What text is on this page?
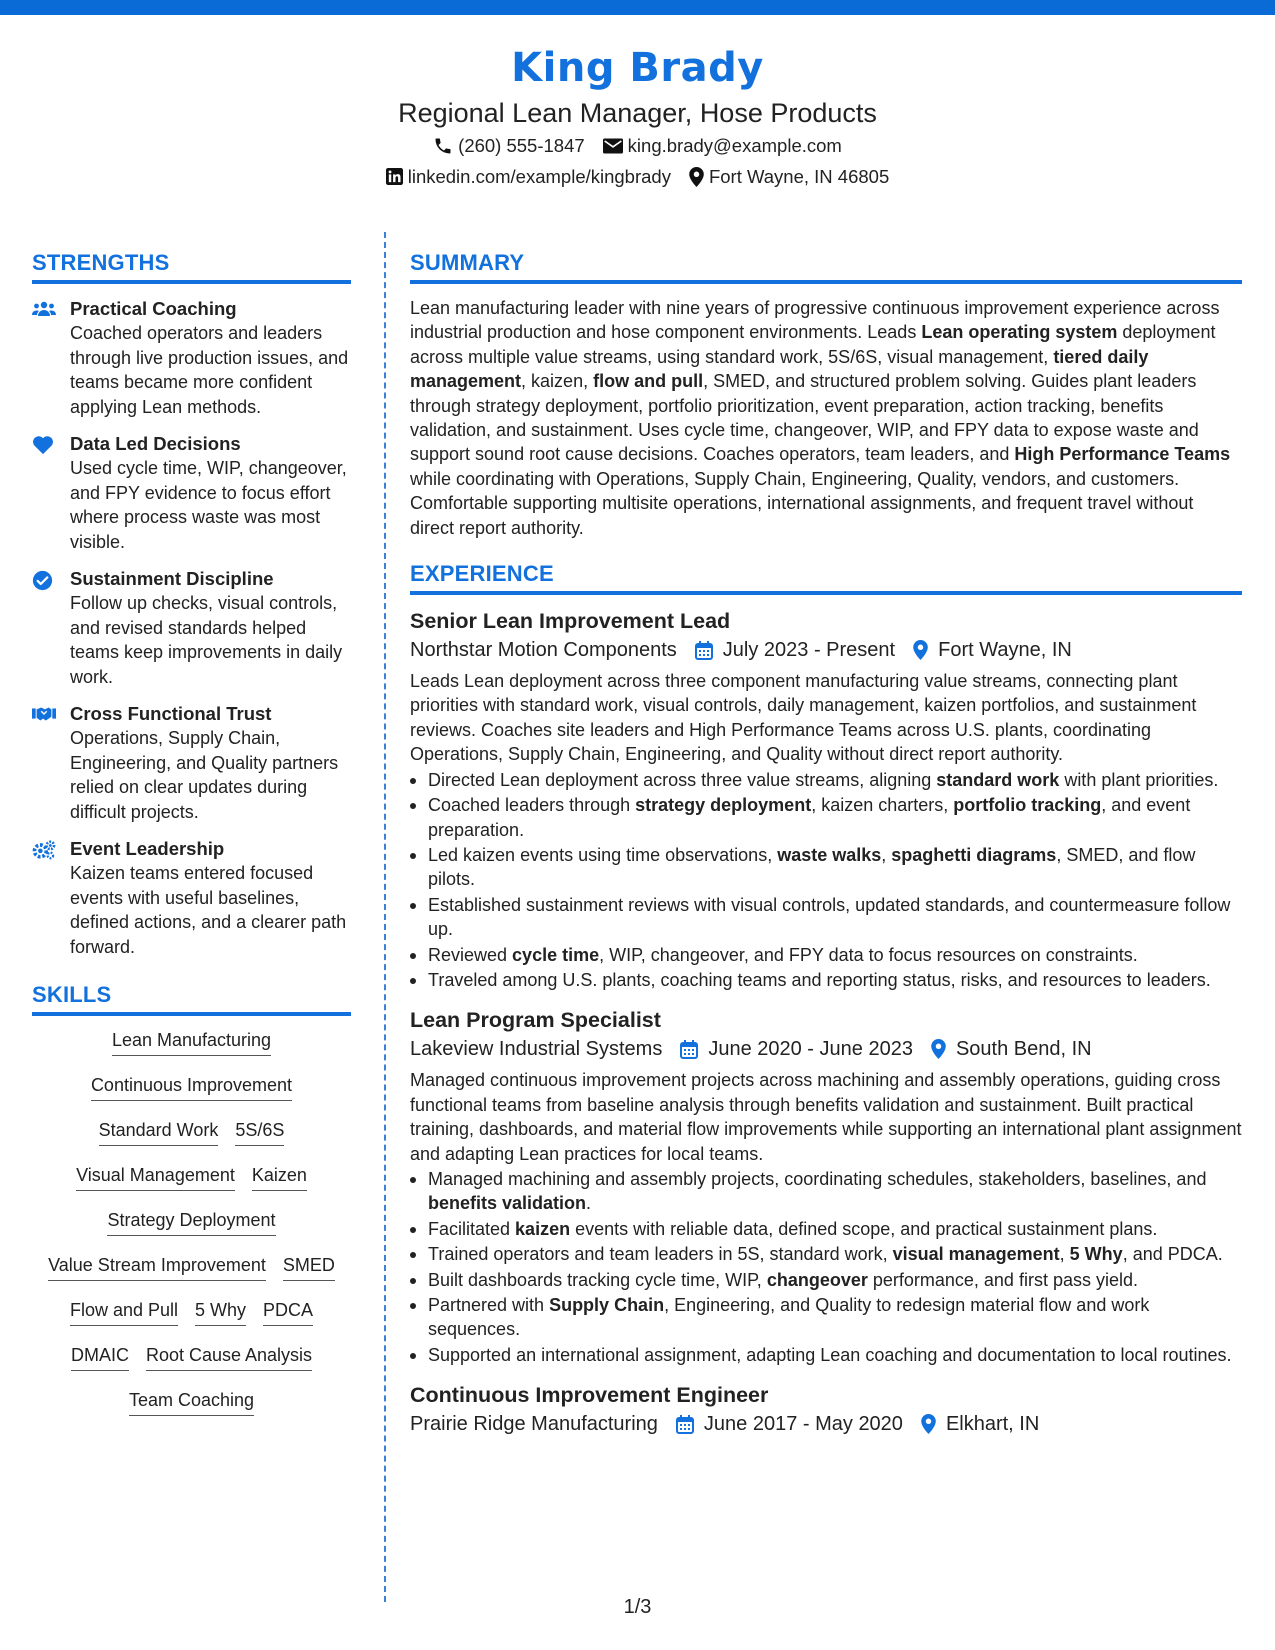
King Brady
Regional Lean Manager, Hose Products
(260) 555-1847 king.brady@example.com
linkedin.com/example/kingbrady Fort Wayne, IN 46805
STRENGTHS
Practical Coaching
Coached operators and leaders through live production issues, and teams became more confident applying Lean methods.
Data Led Decisions
Used cycle time, WIP, changeover, and FPY evidence to focus effort where process waste was most visible.
Sustainment Discipline
Follow up checks, visual controls, and revised standards helped teams keep improvements in daily work.
Cross Functional Trust
Operations, Supply Chain, Engineering, and Quality partners relied on clear updates during difficult projects.
Event Leadership
Kaizen teams entered focused events with useful baselines, defined actions, and a clearer path forward.
SKILLS
Lean Manufacturing
Continuous Improvement
Standard Work 5S/6S
Visual Management Kaizen
Strategy Deployment
Value Stream Improvement SMED
Flow and Pull 5 Why PDCA
DMAIC Root Cause Analysis
Team Coaching
SUMMARY
Lean manufacturing leader with nine years of progressive continuous improvement experience across industrial production and hose component environments. Leads Lean operating system deployment across multiple value streams, using standard work, 5S/6S, visual management, tiered daily management, kaizen, flow and pull, SMED, and structured problem solving. Guides plant leaders through strategy deployment, portfolio prioritization, event preparation, action tracking, benefits validation, and sustainment. Uses cycle time, changeover, WIP, and FPY data to expose waste and support sound root cause decisions. Coaches operators, team leaders, and High Performance Teams while coordinating with Operations, Supply Chain, Engineering, Quality, vendors, and customers. Comfortable supporting multisite operations, international assignments, and frequent travel without direct report authority.
EXPERIENCE
Senior Lean Improvement Lead
Northstar Motion Components July 2023 - Present Fort Wayne, IN
Leads Lean deployment across three component manufacturing value streams, connecting plant priorities with standard work, visual controls, daily management, kaizen portfolios, and sustainment reviews. Coaches site leaders and High Performance Teams across U.S. plants, coordinating Operations, Supply Chain, Engineering, and Quality without direct report authority.
Directed Lean deployment across three value streams, aligning standard work with plant priorities.
Coached leaders through strategy deployment, kaizen charters, portfolio tracking, and event preparation.
Led kaizen events using time observations, waste walks, spaghetti diagrams, SMED, and flow pilots.
Established sustainment reviews with visual controls, updated standards, and countermeasure follow up.
Reviewed cycle time, WIP, changeover, and FPY data to focus resources on constraints.
Traveled among U.S. plants, coaching teams and reporting status, risks, and resources to leaders.
Lean Program Specialist
Lakeview Industrial Systems June 2020 - June 2023 South Bend, IN
Managed continuous improvement projects across machining and assembly operations, guiding cross functional teams from baseline analysis through benefits validation and sustainment. Built practical training, dashboards, and material flow improvements while supporting an international plant assignment and adapting Lean practices for local teams.
Managed machining and assembly projects, coordinating schedules, stakeholders, baselines, and benefits validation.
Facilitated kaizen events with reliable data, defined scope, and practical sustainment plans.
Trained operators and team leaders in 5S, standard work, visual management, 5 Why, and PDCA.
Built dashboards tracking cycle time, WIP, changeover performance, and first pass yield.
Partnered with Supply Chain, Engineering, and Quality to redesign material flow and work sequences.
Supported an international assignment, adapting Lean coaching and documentation to local routines.
Continuous Improvement Engineer
Prairie Ridge Manufacturing June 2017 - May 2020 Elkhart, IN
1/3
